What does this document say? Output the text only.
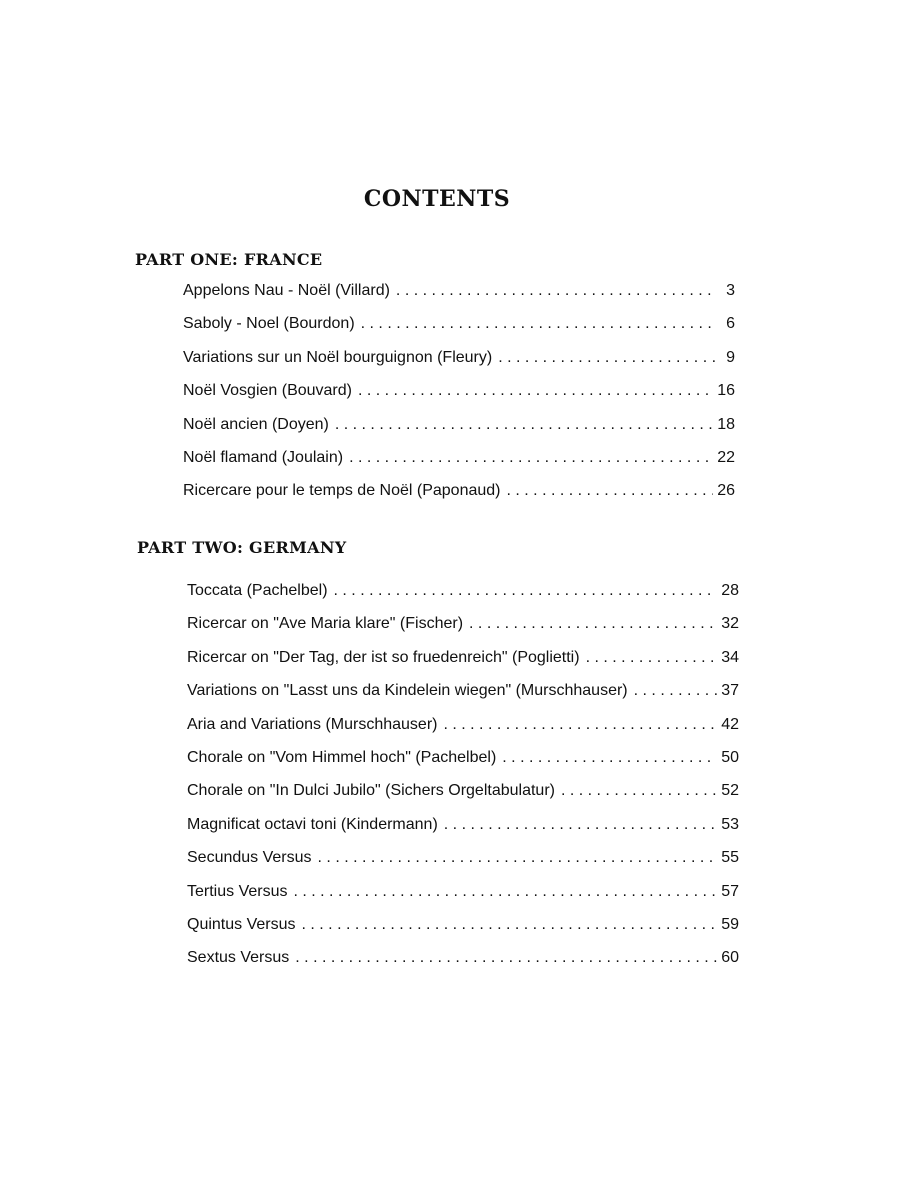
CONTENTS
PART ONE: FRANCE
Appelons Nau - Noël (Villard) . . .	3
Saboly - Noel (Bourdon) . . .	6
Variations sur un Noël bourguignon (Fleury) . . .	9
Noël Vosgien (Bouvard) . . .	16
Noël ancien (Doyen) . . .	18
Noël flamand (Joulain) . . .	22
Ricercare pour le temps de Noël (Paponaud) . . .	26
PART TWO: GERMANY
Toccata (Pachelbel) . . .	28
Ricercar on "Ave Maria klare" (Fischer) . . .	32
Ricercar on "Der Tag, der ist so fruedenreich" (Poglietti) . . .	34
Variations on "Lasst uns da Kindelein wiegen" (Murschhauser) . . .	37
Aria and Variations (Murschhauser) . . .	42
Chorale on "Vom Himmel hoch" (Pachelbel) . . .	50
Chorale on "In Dulci Jubilo" (Sichers Orgeltabulatur) . . .	52
Magnificat octavi toni (Kindermann) . . .	53
Secundus Versus . . .	55
Tertius Versus . . .	57
Quintus Versus . . .	59
Sextus Versus . . .	60
